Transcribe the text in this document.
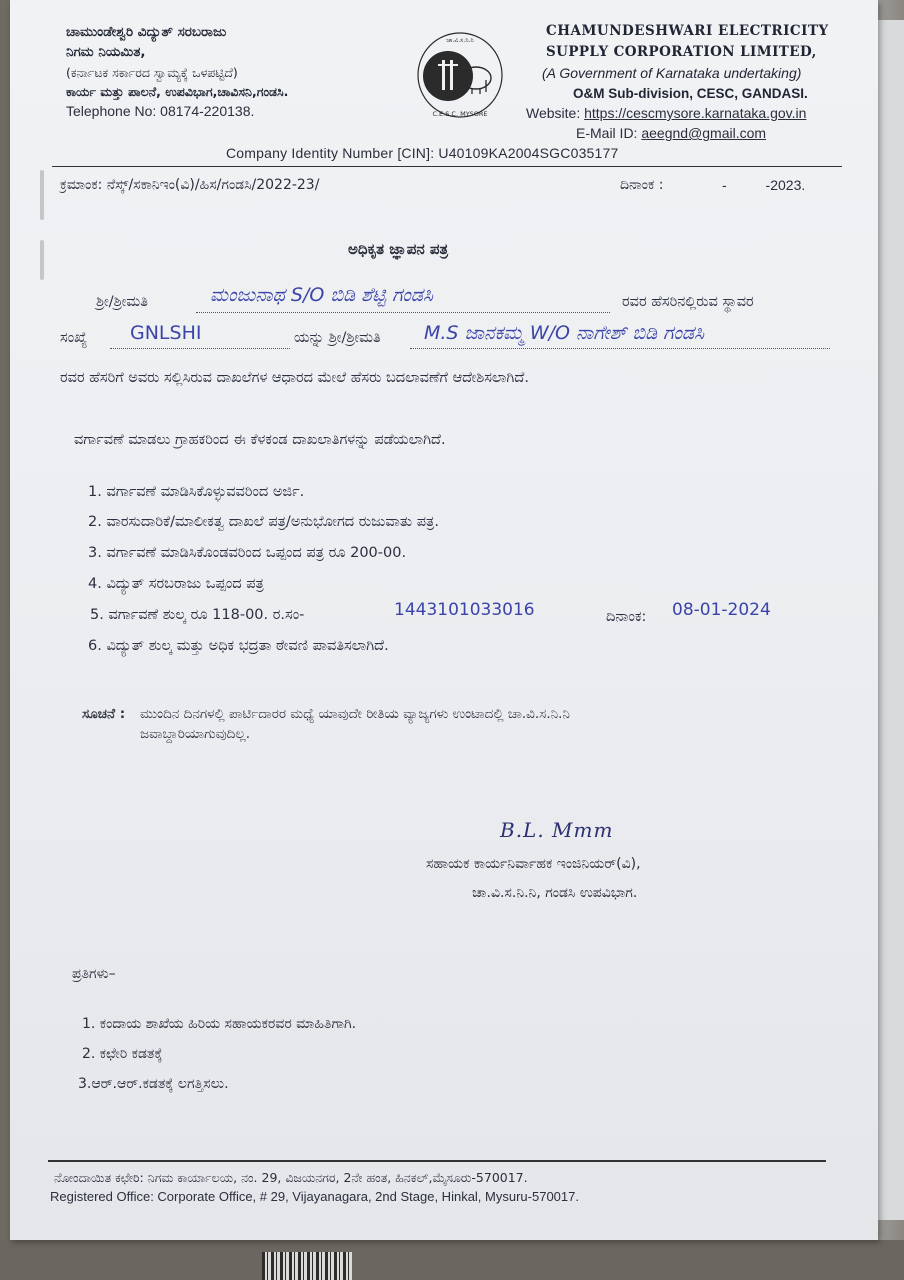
ಚಾಮುಂಡೇಶ್ವರಿ ವಿದ್ಯುತ್ ಸರಬರಾಜು
ನಿಗಮ ನಿಯಮಿತ,
(ಕರ್ನಾಟಕ ಸರ್ಕಾರದ ಸ್ವಾಮ್ಯಕ್ಕೆ ಒಳಪಟ್ಟಿದೆ)
ಕಾರ್ಯ ಮತ್ತು ಪಾಲನೆ, ಉಪವಿಭಾಗ,ಚಾವಿಸನಿ,ಗಂಡಸಿ.
Telephone No: 08174-220138.
ಚಾ.ವಿ.ಸ.ನಿ.ನಿ
C.E.S.C. MYSORE
CHAMUNDESHWARI ELECTRICITY
SUPPLY CORPORATION LIMITED,
(A Government of Karnataka undertaking)
O&M Sub-division, CESC, GANDASI.
Website: https://cescmysore.karnataka.gov.in
E-Mail ID: aeegnd@gmail.com
Company Identity Number [CIN]: U40109KA2004SGC035177
ಕ್ರಮಾಂಕ: ನೆಸ್ಕ್/ಸಕಾನಿಇಂ(ವಿ)/ಹಿಸ/ಗಂಡಸಿ/2022-23/	ದಿನಾಂಕ :	-          -2023.
ಅಧಿಕೃತ ಜ್ಞಾಪನ ಪತ್ರ
ಶ್ರೀ/ಶ್ರೀಮತಿ	ಮಂಜುನಾಥ S/O ಬಿಡಿ ಶೆಟ್ಟಿ ಗಂಡಸಿ	ರವರ ಹೆಸರಿನಲ್ಲಿರುವ ಸ್ಥಾವರ
ಸಂಖ್ಯೆ GNLSHI	ಯನ್ನು ಶ್ರೀ/ಶ್ರೀಮತಿ M.S ಜಾನಕಮ್ಮ W/O ನಾಗೇಶ್ ಬಿಡಿ ಗಂಡಸಿ
ರವರ ಹೆಸರಿಗೆ ಅವರು ಸಲ್ಲಿಸಿರುವ ದಾಖಲೆಗಳ ಆಧಾರದ ಮೇಲೆ ಹೆಸರು ಬದಲಾವಣೆಗೆ ಆದೇಶಿಸಲಾಗಿದೆ.
ವರ್ಗಾವಣೆ ಮಾಡಲು ಗ್ರಾಹಕರಿಂದ ಈ ಕೆಳಕಂಡ ದಾಖಲಾತಿಗಳನ್ನು ಪಡೆಯಲಾಗಿದೆ.
1. ವರ್ಗಾವಣೆ ಮಾಡಿಸಿಕೊಳ್ಳುವವರಿಂದ ಅರ್ಜಿ.
2. ವಾರಸುದಾರಿಕೆ/ಮಾಲೀಕತ್ವ ದಾಖಲೆ ಪತ್ರ/ಅನುಭೋಗದ ರುಜುವಾತು ಪತ್ರ.
3. ವರ್ಗಾವಣೆ ಮಾಡಿಸಿಕೊಂಡವರಿಂದ ಒಪ್ಪಂದ ಪತ್ರ ರೂ 200-00.
4. ವಿದ್ಯುತ್ ಸರಬರಾಜು ಒಪ್ಪಂದ ಪತ್ರ
5. ವರ್ಗಾವಣೆ ಶುಲ್ಕ ರೂ 118-00. ರ.ಸಂ-	1443101033016	ದಿನಾಂಕ: 08-01-2024
6. ವಿದ್ಯುತ್ ಶುಲ್ಕ ಮತ್ತು ಅಧಿಕ ಭದ್ರತಾ ಠೇವಣಿ ಪಾವತಿಸಲಾಗಿದೆ.
ಸೂಚನೆ : ಮುಂದಿನ ದಿನಗಳಲ್ಲಿ ಪಾರ್ಟಿದಾರರ ಮಧ್ಯೆ ಯಾವುದೇ ರೀತಿಯ ವ್ಯಾಜ್ಯಗಳು ಉಂಟಾದಲ್ಲಿ ಚಾ.ವಿ.ಸ.ನಿ.ನಿ
ಜವಾಬ್ದಾರಿಯಾಗುವುದಿಲ್ಲ.
B.L. Mmm
ಸಹಾಯಕ ಕಾರ್ಯನಿರ್ವಾಹಕ ಇಂಜಿನಿಯರ್(ವಿ),
ಚಾ.ವಿ.ಸ.ನಿ.ನಿ, ಗಂಡಸಿ ಉಪವಿಭಾಗ.
ಪ್ರತಿಗಳು–
1. ಕಂದಾಯ ಶಾಖೆಯ ಹಿರಿಯ ಸಹಾಯಕರವರ ಮಾಹಿತಿಗಾಗಿ.
2. ಕಛೇರಿ ಕಡತಕ್ಕೆ
3.ಆರ್.ಆರ್.ಕಡತಕ್ಕೆ ಲಗತ್ತಿಸಲು.
ನೋಂದಾಯಿತ ಕಛೇರಿ: ನಿಗಮ ಕಾರ್ಯಾಲಯ, ನಂ. 29, ವಿಜಯನಗರ, 2ನೇ ಹಂತ, ಹಿನಕಲ್,ಮೈಸೂರು-570017.
Registered Office: Corporate Office, # 29, Vijayanagara, 2nd Stage, Hinkal, Mysuru-570017.
